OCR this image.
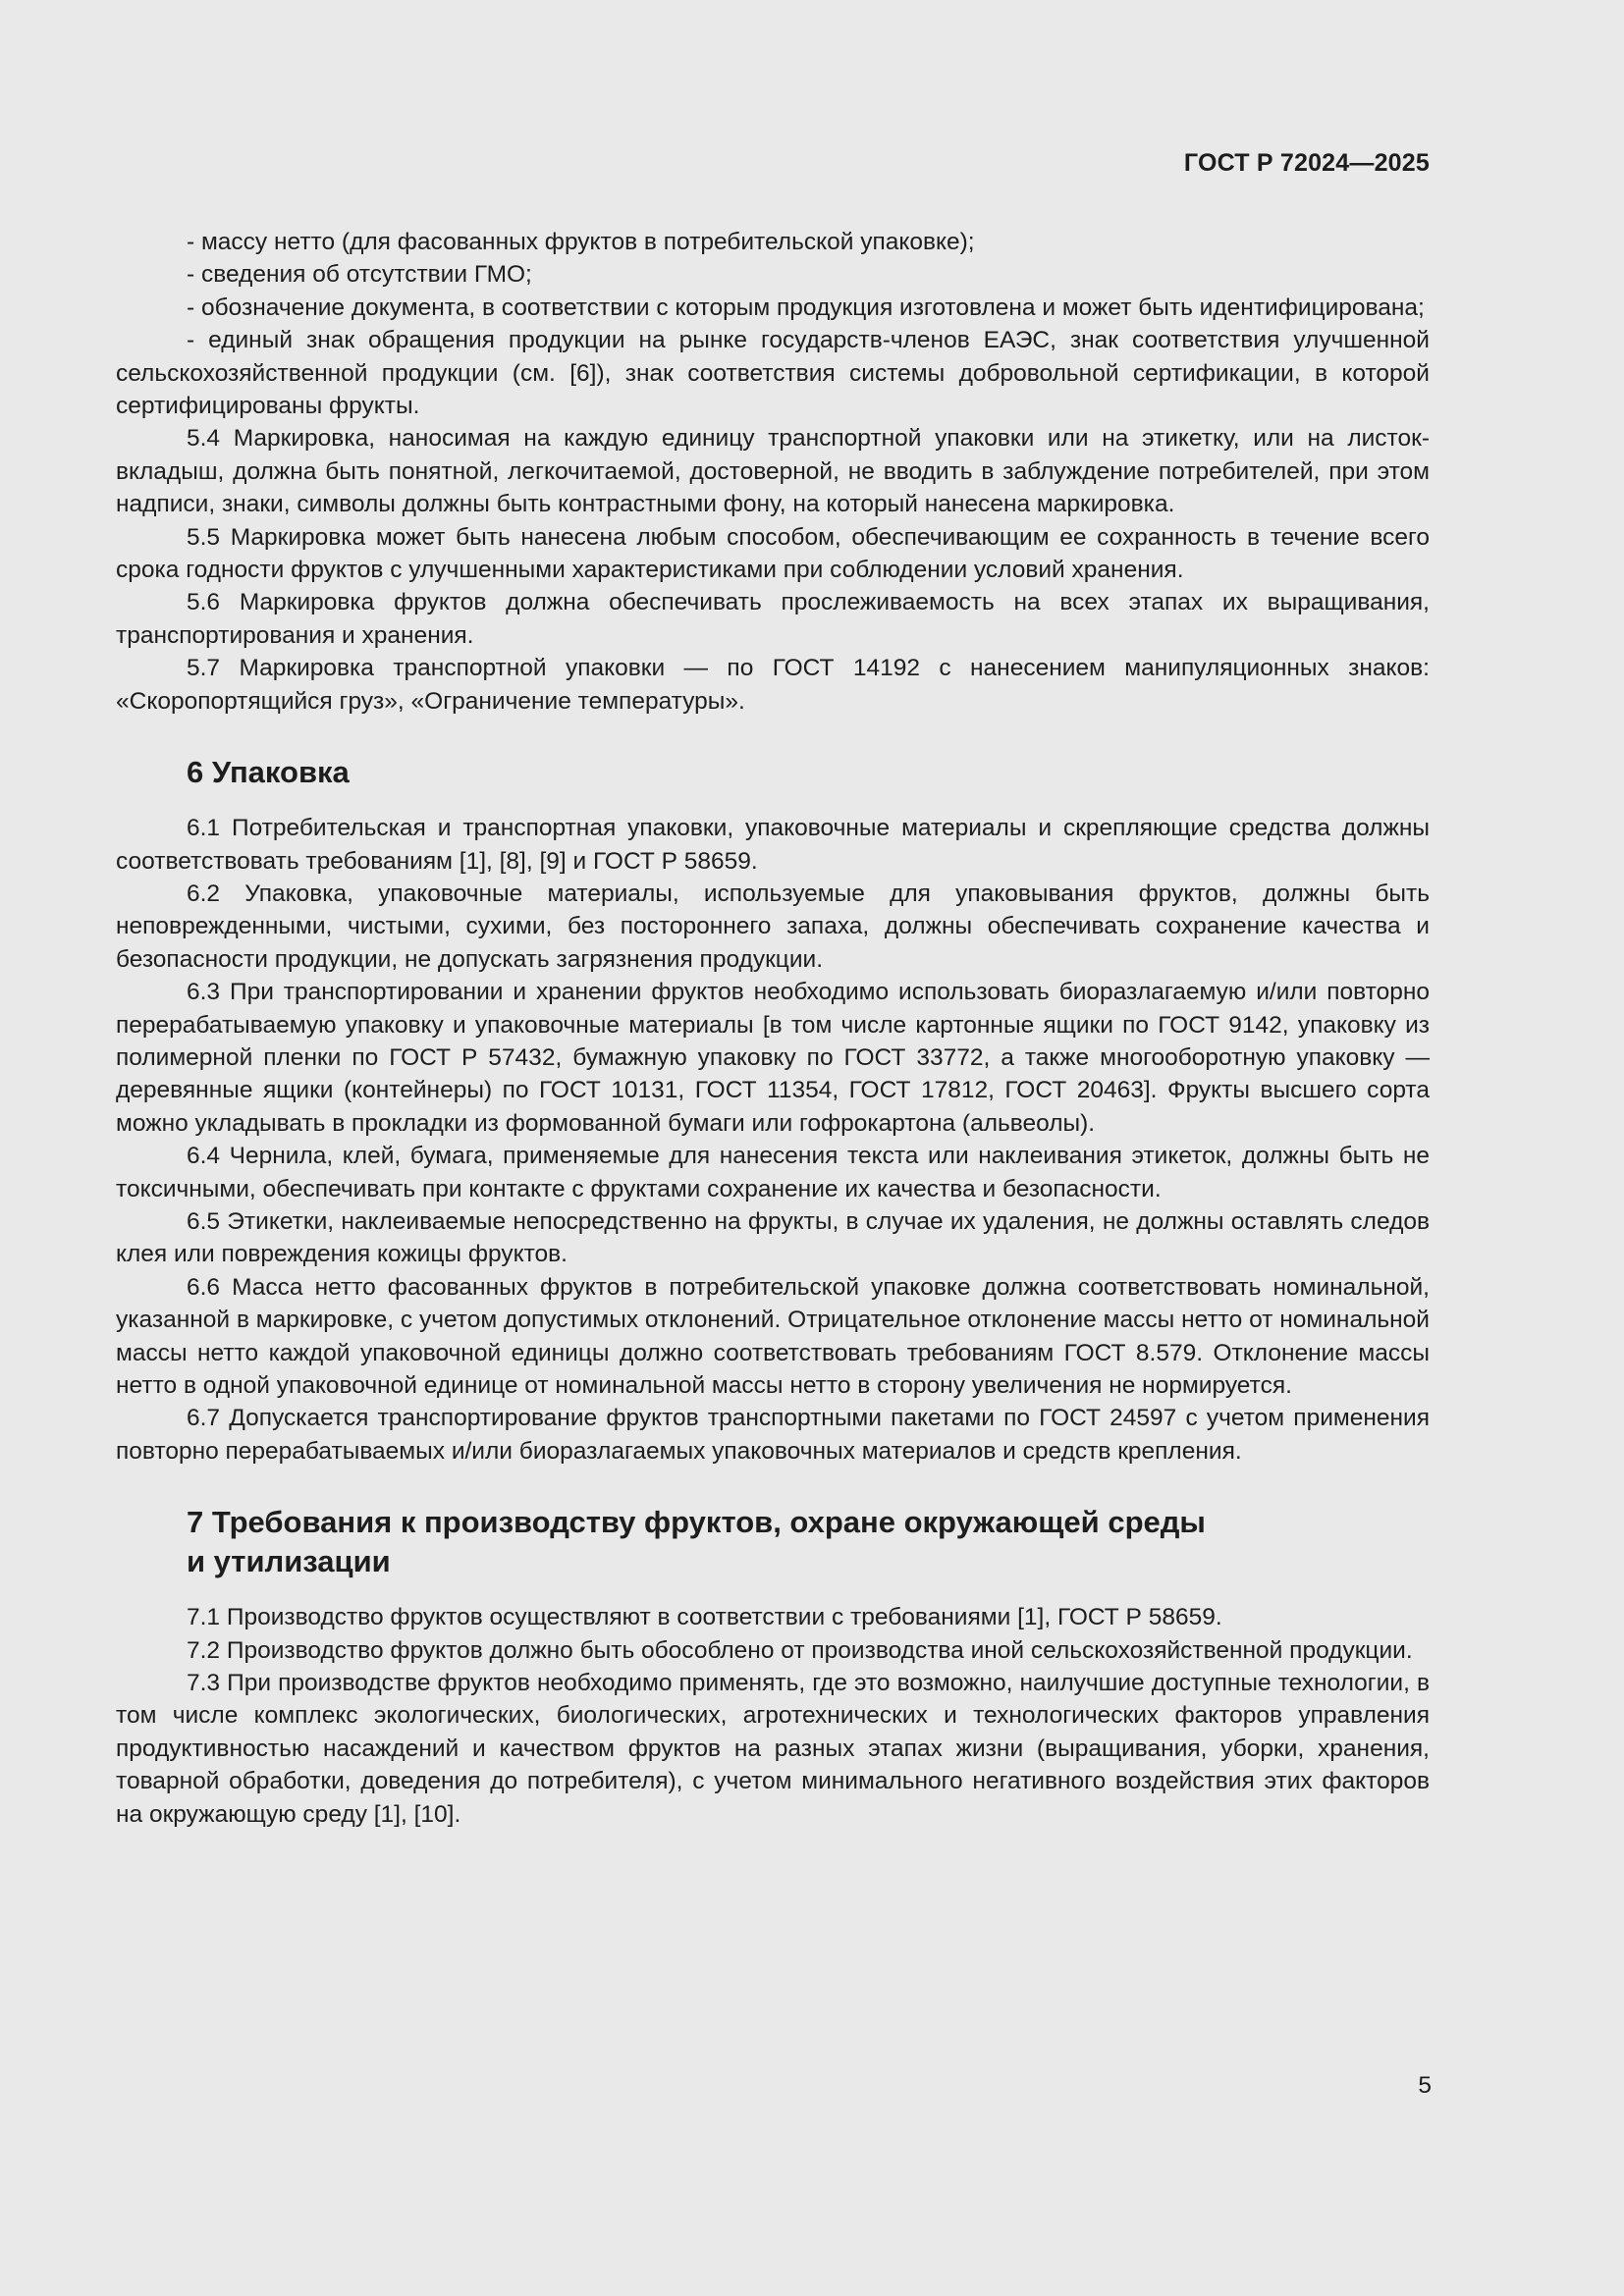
ГОСТ Р 72024—2025

- массу нетто (для фасованных фруктов в потребительской упаковке);

- сведения об отсутствии ГМО;

- обозначение документа, в соответствии с которым продукция изготовлена и может быть идентифицирована;

- единый знак обращения продукции на рынке государств-членов ЕАЭС, знак соответствия улучшенной сельскохозяйственной продукции (см. [6]), знак соответствия системы добровольной сертификации, в которой сертифицированы фрукты.

5.4 Маркировка, наносимая на каждую единицу транспортной упаковки или на этикетку, или на листок-вкладыш, должна быть понятной, легкочитаемой, достоверной, не вводить в заблуждение потребителей, при этом надписи, знаки, символы должны быть контрастными фону, на который нанесена маркировка.

5.5 Маркировка может быть нанесена любым способом, обеспечивающим ее сохранность в течение всего срока годности фруктов с улучшенными характеристиками при соблюдении условий хранения.

5.6 Маркировка фруктов должна обеспечивать прослеживаемость на всех этапах их выращивания, транспортирования и хранения.

5.7 Маркировка транспортной упаковки — по ГОСТ 14192 с нанесением манипуляционных знаков: «Скоропортящийся груз», «Ограничение температуры».

6 Упаковка

6.1 Потребительская и транспортная упаковки, упаковочные материалы и скрепляющие средства должны соответствовать требованиям [1], [8], [9] и ГОСТ Р 58659.

6.2 Упаковка, упаковочные материалы, используемые для упаковывания фруктов, должны быть неповрежденными, чистыми, сухими, без постороннего запаха, должны обеспечивать сохранение качества и безопасности продукции, не допускать загрязнения продукции.

6.3 При транспортировании и хранении фруктов необходимо использовать биоразлагаемую и/или повторно перерабатываемую упаковку и упаковочные материалы [в том числе картонные ящики по ГОСТ 9142, упаковку из полимерной пленки по ГОСТ Р 57432, бумажную упаковку по ГОСТ 33772, а также многооборотную упаковку — деревянные ящики (контейнеры) по ГОСТ 10131, ГОСТ 11354, ГОСТ 17812, ГОСТ 20463]. Фрукты высшего сорта можно укладывать в прокладки из формованной бумаги или гофрокартона (альвеолы).

6.4 Чернила, клей, бумага, применяемые для нанесения текста или наклеивания этикеток, должны быть не токсичными, обеспечивать при контакте с фруктами сохранение их качества и безопасности.

6.5 Этикетки, наклеиваемые непосредственно на фрукты, в случае их удаления, не должны оставлять следов клея или повреждения кожицы фруктов.

6.6 Масса нетто фасованных фруктов в потребительской упаковке должна соответствовать номинальной, указанной в маркировке, с учетом допустимых отклонений. Отрицательное отклонение массы нетто от номинальной массы нетто каждой упаковочной единицы должно соответствовать требованиям ГОСТ 8.579. Отклонение массы нетто в одной упаковочной единице от номинальной массы нетто в сторону увеличения не нормируется.

6.7 Допускается транспортирование фруктов транспортными пакетами по ГОСТ 24597 с учетом применения повторно перерабатываемых и/или биоразлагаемых упаковочных материалов и средств крепления.

7 Требования к производству фруктов, охране окружающей среды
и утилизации

7.1 Производство фруктов осуществляют в соответствии с требованиями [1], ГОСТ Р 58659.

7.2 Производство фруктов должно быть обособлено от производства иной сельскохозяйственной продукции.

7.3 При производстве фруктов необходимо применять, где это возможно, наилучшие доступные технологии, в том числе комплекс экологических, биологических, агротехнических и технологических факторов управления продуктивностью насаждений и качеством фруктов на разных этапах жизни (выращивания, уборки, хранения, товарной обработки, доведения до потребителя), с учетом минимального негативного воздействия этих факторов на окружающую среду [1], [10].

5
